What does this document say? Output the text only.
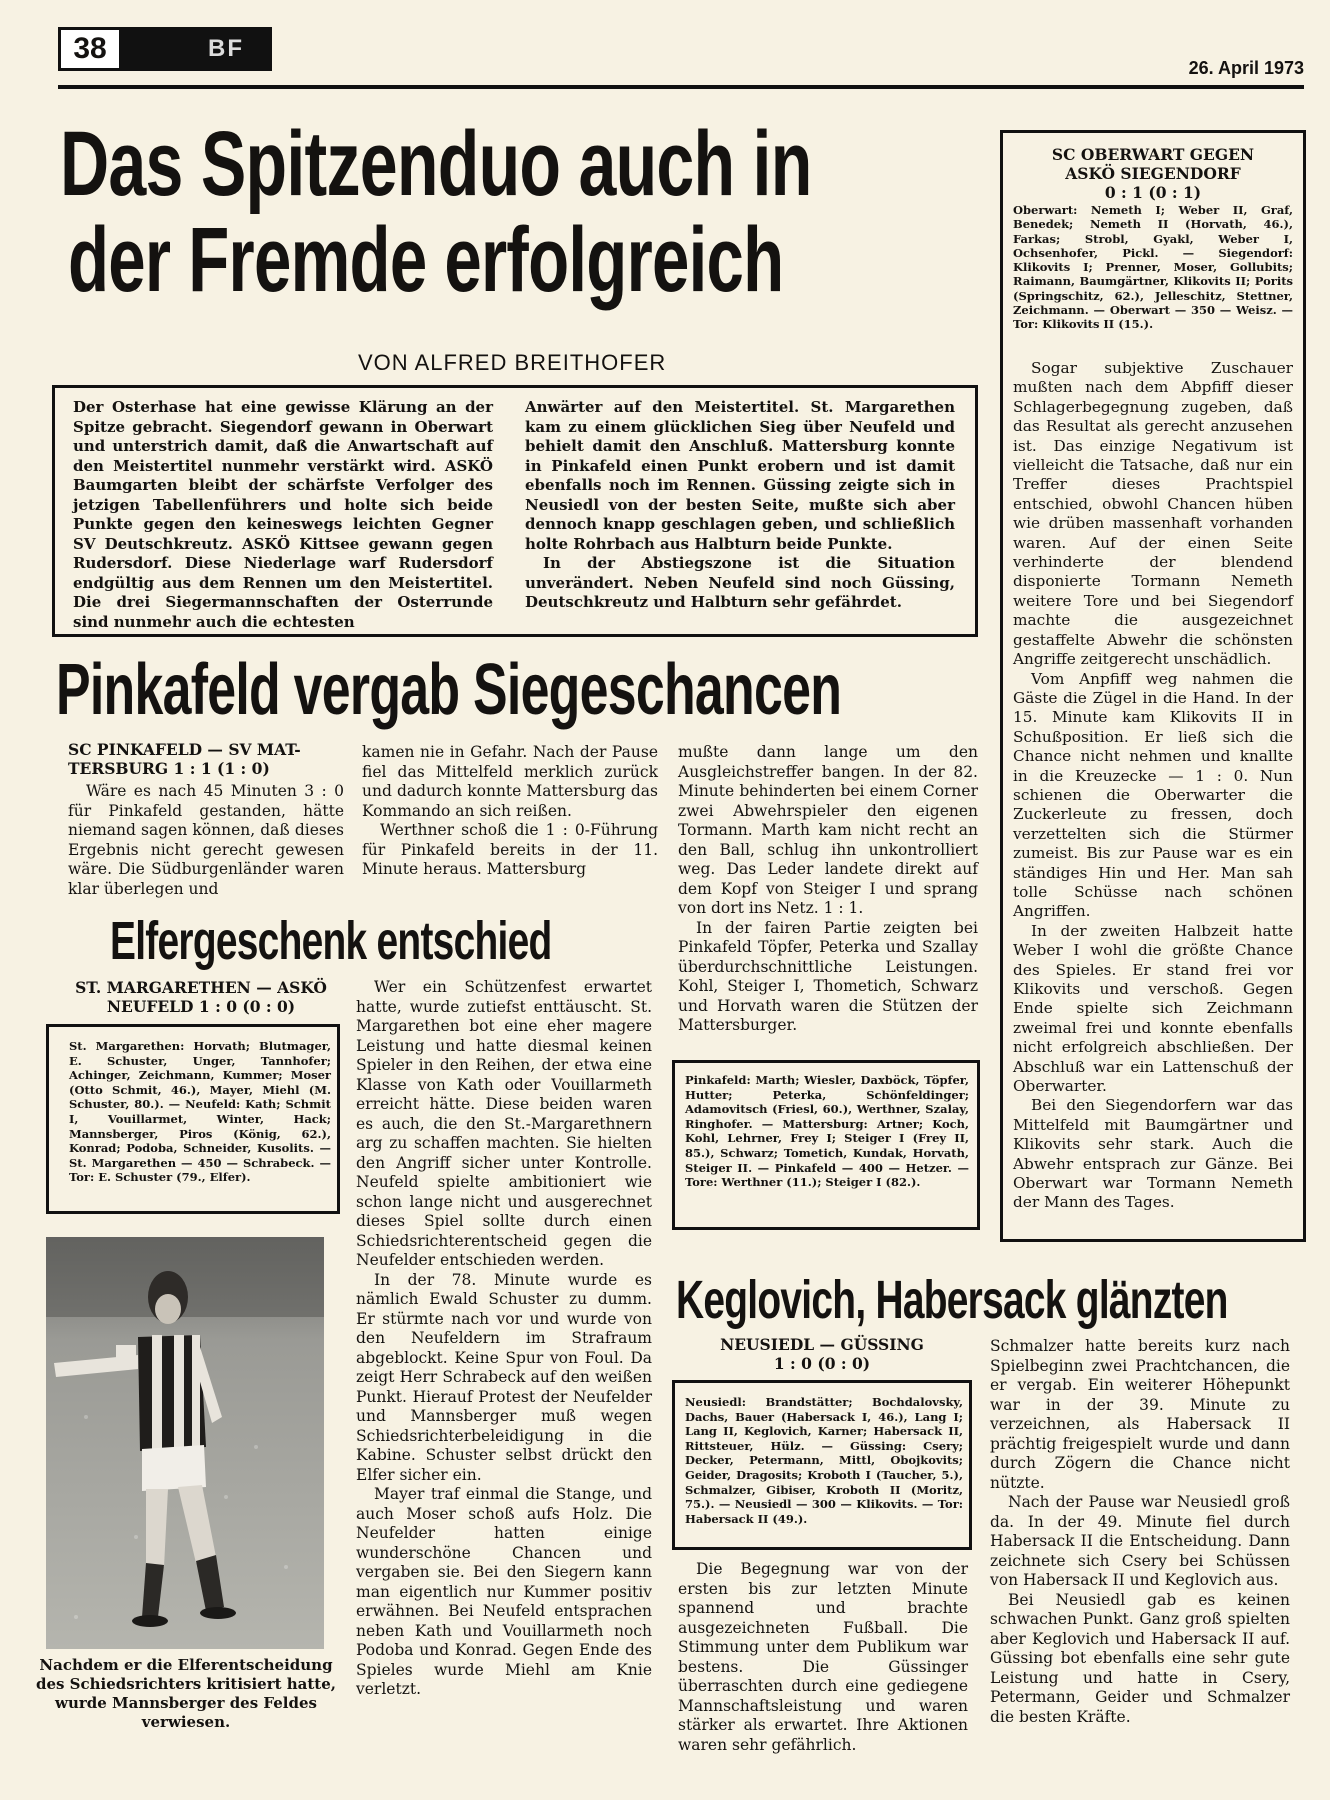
38	BF
26. April 1973
Das Spitzenduo auch in
der Fremde erfolgreich
VON ALFRED BREITHOFER
Der Osterhase hat eine gewisse Klärung an der Spitze gebracht. Siegendorf gewann in Oberwart und unterstrich damit, daß die Anwartschaft auf den Meistertitel nunmehr verstärkt wird. ASKÖ Baumgarten bleibt der schärfste Verfolger des jetzigen Tabellenführers und holte sich beide Punkte gegen den keineswegs leichten Gegner SV Deutschkreutz. ASKÖ Kittsee gewann gegen Rudersdorf. Diese Niederlage warf Rudersdorf endgültig aus dem Rennen um den Meistertitel. Die drei Siegermannschaften der Osterrunde sind nunmehr auch die echtesten

Anwärter auf den Meistertitel. St. Margarethen kam zu einem glücklichen Sieg über Neufeld und behielt damit den Anschluß. Mattersburg konnte in Pinkafeld einen Punkt erobern und ist damit ebenfalls noch im Rennen. Güssing zeigte sich in Neusiedl von der besten Seite, mußte sich aber dennoch knapp geschlagen geben, und schließlich holte Rohrbach aus Halbturn beide Punkte.

In der Abstiegszone ist die Situation unverändert. Neben Neufeld sind noch Güssing, Deutschkreutz und Halbturn sehr gefährdet.

SC OBERWART GEGEN
ASKÖ SIEGENDORF
0 : 1 (0 : 1)
Oberwart: Nemeth I; Weber II, Graf, Benedek; Nemeth II (Horvath, 46.), Farkas; Strobl, Gyakl, Weber I, Ochsenhofer, Pickl. — Siegendorf: Klikovits I; Prenner, Moser, Gollubits; Raimann, Baumgärtner, Klikovits II; Porits (Springschitz, 62.), Jelleschitz, Stettner, Zeichmann. — Oberwart — 350 — Weisz. — Tor: Klikovits II (15.).

Sogar subjektive Zuschauer mußten nach dem Abpfiff dieser Schlagerbegegnung zugeben, daß das Resultat als gerecht anzusehen ist. Das einzige Negativum ist vielleicht die Tatsache, daß nur ein Treffer dieses Prachtspiel entschied, obwohl Chancen hüben wie drüben massenhaft vorhanden waren. Auf der einen Seite verhinderte der blendend disponierte Tormann Nemeth weitere Tore und bei Siegendorf machte die ausgezeichnet gestaffelte Abwehr die schönsten Angriffe zeitgerecht unschädlich.

Vom Anpfiff weg nahmen die Gäste die Zügel in die Hand. In der 15. Minute kam Klikovits II in Schußposition. Er ließ sich die Chance nicht nehmen und knallte in die Kreuzecke — 1 : 0. Nun schienen die Oberwarter die Zuckerleute zu fressen, doch verzettelten sich die Stürmer zumeist. Bis zur Pause war es ein ständiges Hin und Her. Man sah tolle Schüsse nach schönen Angriffen.

In der zweiten Halbzeit hatte Weber I wohl die größte Chance des Spieles. Er stand frei vor Klikovits und verschoß. Gegen Ende spielte sich Zeichmann zweimal frei und konnte ebenfalls nicht erfolgreich abschließen. Der Abschluß war ein Lattenschuß der Oberwarter.

Bei den Siegendorfern war das Mittelfeld mit Baumgärtner und Klikovits sehr stark. Auch die Abwehr entsprach zur Gänze. Bei Oberwart war Tormann Nemeth der Mann des Tages.

Pinkafeld vergab Siegeschancen
SC PINKAFELD — SV MAT-
TERSBURG 1 : 1 (1 : 0)

Wäre es nach 45 Minuten 3 : 0 für Pinkafeld gestanden, hätte niemand sagen können, daß dieses Ergebnis nicht gerecht gewesen wäre. Die Südburgenländer waren klar überlegen und

kamen nie in Gefahr. Nach der Pause fiel das Mittelfeld merklich zurück und dadurch konnte Mattersburg das Kommando an sich reißen.

Werthner schoß die 1 : 0-Führung für Pinkafeld bereits in der 11. Minute heraus. Mattersburg

mußte dann lange um den Ausgleichstreffer bangen. In der 82. Minute behinderten bei einem Corner zwei Abwehrspieler den eigenen Tormann. Marth kam nicht recht an den Ball, schlug ihn unkontrolliert weg. Das Leder landete direkt auf dem Kopf von Steiger I und sprang von dort ins Netz. 1 : 1.

In der fairen Partie zeigten bei Pinkafeld Töpfer, Peterka und Szallay überdurchschnittliche Leistungen. Kohl, Steiger I, Thometich, Schwarz und Horvath waren die Stützen der Mattersburger.

Pinkafeld: Marth; Wiesler, Daxböck, Töpfer, Hutter; Peterka, Schönfeldinger; Adamovitsch (Friesl, 60.), Werthner, Szalay, Ringhofer. — Mattersburg: Artner; Koch, Kohl, Lehrner, Frey I; Steiger I (Frey II, 85.), Schwarz; Tometich, Kundak, Horvath, Steiger II. — Pinkafeld — 400 — Hetzer. — Tore: Werthner (11.); Steiger I (82.).
Elfergeschenk entschied
ST. MARGARETHEN — ASKÖ
NEUFELD 1 : 0 (0 : 0)
St. Margarethen: Horvath; Blutmager, E. Schuster, Unger, Tannhofer; Achinger, Zeichmann, Kummer; Moser (Otto Schmit, 46.), Mayer, Miehl (M. Schuster, 80.). — Neufeld: Kath; Schmit I, Vouillarmet, Winter, Hack; Mannsberger, Piros (König, 62.), Konrad; Podoba, Schneider, Kusolits. — St. Margarethen — 450 — Schrabeck. — Tor: E. Schuster (79., Elfer).

Wer ein Schützenfest erwartet hatte, wurde zutiefst enttäuscht. St. Margarethen bot eine eher magere Leistung und hatte diesmal keinen Spieler in den Reihen, der etwa eine Klasse von Kath oder Vouillarmeth erreicht hätte. Diese beiden waren es auch, die den St.-Margarethnern arg zu schaffen machten. Sie hielten den Angriff sicher unter Kontrolle. Neufeld spielte ambitioniert wie schon lange nicht und ausgerechnet dieses Spiel sollte durch einen Schiedsrichterentscheid gegen die Neufelder entschieden werden.

In der 78. Minute wurde es nämlich Ewald Schuster zu dumm. Er stürmte nach vor und wurde von den Neufeldern im Strafraum abgeblockt. Keine Spur von Foul. Da zeigt Herr Schrabeck auf den weißen Punkt. Hierauf Protest der Neufelder und Mannsberger muß wegen Schiedsrichterbeleidigung in die Kabine. Schuster selbst drückt den Elfer sicher ein.

Mayer traf einmal die Stange, und auch Moser schoß aufs Holz. Die Neufelder hatten einige wunderschöne Chancen und vergaben sie. Bei den Siegern kann man eigentlich nur Kummer positiv erwähnen. Bei Neufeld entsprachen neben Kath und Vouillarmeth noch Podoba und Konrad. Gegen Ende des Spieles wurde Miehl am Knie verletzt.

Nachdem er die Elferentscheidung des Schiedsrichters kritisiert hatte, wurde Mannsberger des Feldes verwiesen.
Keglovich, Habersack glänzten
NEUSIEDL — GÜSSING
1 : 0 (0 : 0)
Neusiedl: Brandstätter; Bochdalovsky, Dachs, Bauer (Habersack I, 46.), Lang I; Lang II, Keglovich, Karner; Habersack II, Rittsteuer, Hülz. — Güssing: Csery; Decker, Petermann, Mittl, Obojkovits; Geider, Dragosits; Kroboth I (Taucher, 5.), Schmalzer, Gibiser, Kroboth II (Moritz, 75.). — Neusiedl — 300 — Klikovits. — Tor: Habersack II (49.).

Die Begegnung war von der ersten bis zur letzten Minute spannend und brachte ausgezeichneten Fußball. Die Stimmung unter dem Publikum war bestens. Die Güssinger überraschten durch eine gediegene Mannschaftsleistung und waren stärker als erwartet. Ihre Aktionen waren sehr gefährlich.

Schmalzer hatte bereits kurz nach Spielbeginn zwei Prachtchancen, die er vergab. Ein weiterer Höhepunkt war in der 39. Minute zu verzeichnen, als Habersack II prächtig freigespielt wurde und dann durch Zögern die Chance nicht nützte.

Nach der Pause war Neusiedl groß da. In der 49. Minute fiel durch Habersack II die Entscheidung. Dann zeichnete sich Csery bei Schüssen von Habersack II und Keglovich aus.

Bei Neusiedl gab es keinen schwachen Punkt. Ganz groß spielten aber Keglovich und Habersack II auf. Güssing bot ebenfalls eine sehr gute Leistung und hatte in Csery, Petermann, Geider und Schmalzer die besten Kräfte.
